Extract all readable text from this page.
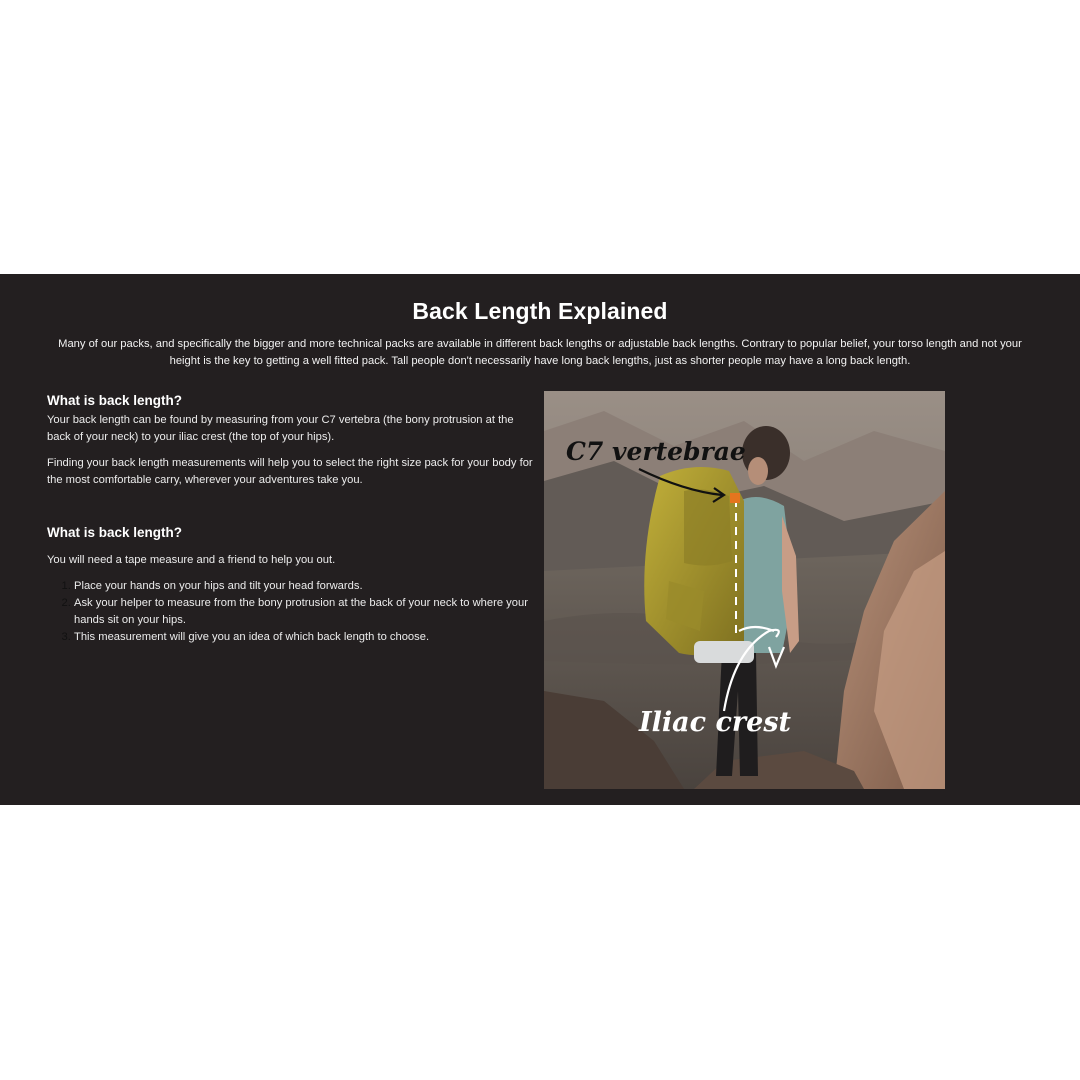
Back Length Explained

Many of our packs, and specifically the bigger and more technical packs are available in different back lengths or adjustable back lengths. Contrary to popular belief, your torso length and not your height is the key to getting a well fitted pack. Tall people don't necessarily have long back lengths, just as shorter people may have a long back length.

What is back length?

Your back length can be found by measuring from your C7 vertebra (the bony protrusion at the back of your neck) to your iliac crest (the top of your hips).

Finding your back length measurements will help you to select the right size pack for your body for the most comfortable carry, wherever your adventures take you.

What is back length?

You will need a tape measure and a friend to help you out.

1. Place your hands on your hips and tilt your head forwards.
2. Ask your helper to measure from the bony protrusion at the back of your neck to where your hands sit on your hips.
3. This measurement will give you an idea of which back length to choose.
C7 vertebrae
Iliac crest
